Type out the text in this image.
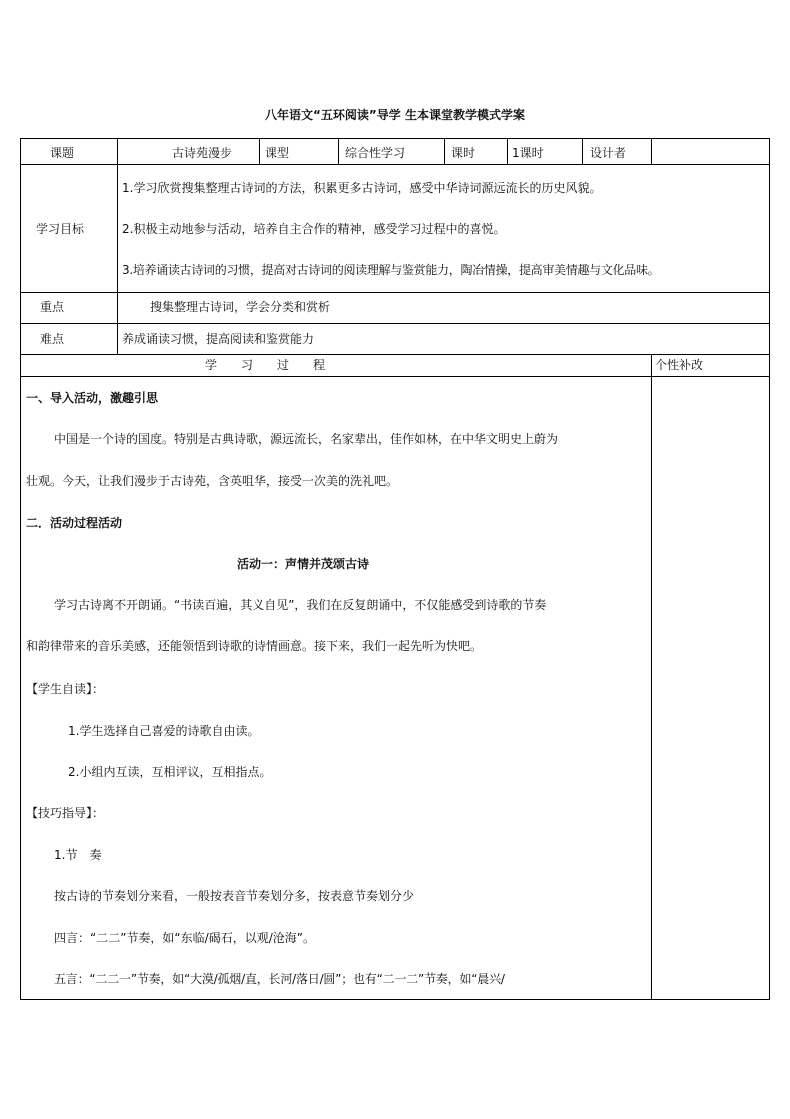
八年语文“五环阅读”导学 生本课堂教学模式学案
课题	古诗苑漫步	课型	综合性学习	课时	1课时	设计者
学习目标
1.学习欣赏搜集整理古诗词的方法，积累更多古诗词，感受中华诗词源远流长的历史风貌。
2.积极主动地参与活动，培养自主合作的精神，感受学习过程中的喜悦。
3.培养诵读古诗词的习惯，提高对古诗词的阅读理解与鉴赏能力，陶冶情操，提高审美情趣与文化品味。
重点	搜集整理古诗词，学会分类和赏析
难点	养成诵读习惯，提高阅读和鉴赏能力
学　　习　　过　　程	个性补改
一、导入活动，激趣引思
中国是一个诗的国度。特别是古典诗歌，源远流长，名家辈出，佳作如林，在中华文明史上蔚为
壮观。今天，让我们漫步于古诗苑，含英咀华，接受一次美的洗礼吧。
二．活动过程活动
活动一：声情并茂颂古诗
学习古诗离不开朗诵。“书读百遍，其义自见”，我们在反复朗诵中，不仅能感受到诗歌的节奏
和韵律带来的音乐美感，还能领悟到诗歌的诗情画意。接下来，我们一起先听为快吧。
【学生自读】：
1.学生选择自己喜爱的诗歌自由读。
2.小组内互读，互相评议，互相指点。
【技巧指导】：
1.节　奏
按古诗的节奏划分来看，一般按表音节奏划分多，按表意节奏划分少
四言：“二二”节奏，如“东临/碣石，以观/沧海”。
五言：“二二一”节奏，如“大漠/孤烟/直，长河/落日/圆”；也有“二一二”节奏，如“晨兴/
